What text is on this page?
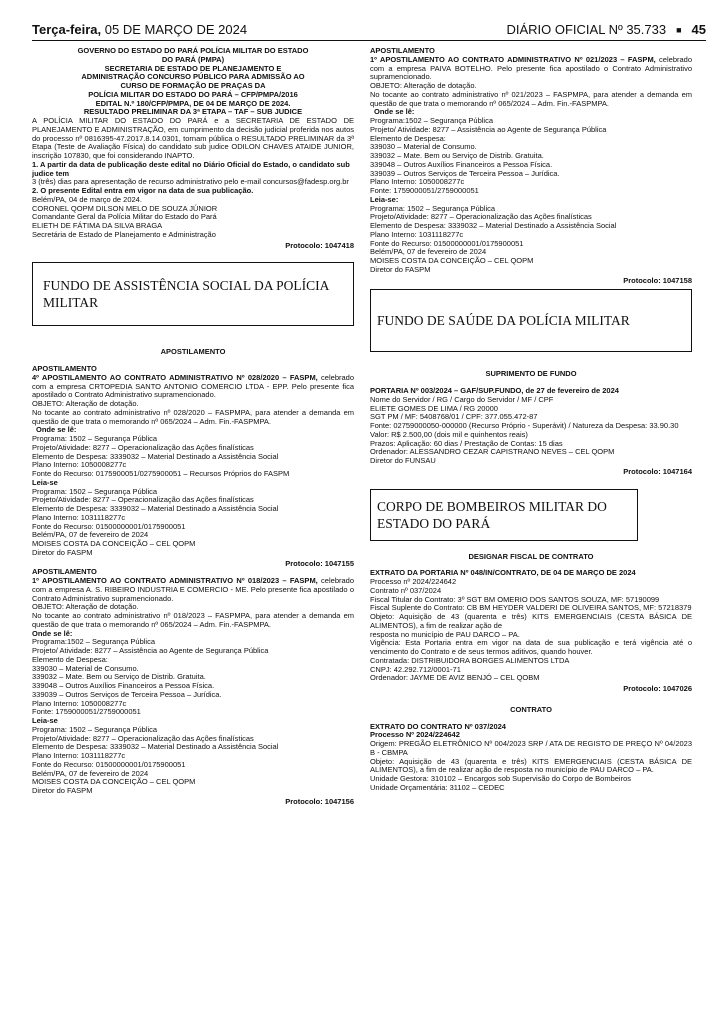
Terça-feira, 05 DE MARÇO DE 2024	DIÁRIO OFICIAL Nº 35.733 ■ 45

GOVERNO DO ESTADO DO PARÁ POLÍCIA MILITAR DO ESTADO

DO PARÁ (PMPA)

SECRETARIA DE ESTADO DE PLANEJAMENTO E

ADMINISTRAÇÃO CONCURSO PÚBLICO PARA ADMISSÃO AO

CURSO DE FORMAÇÃO DE PRAÇAS DA

POLÍCIA MILITAR DO ESTADO DO PARÁ – CFP/PMPA/2016

EDITAL N.º 180/CFP/PMPA, DE 04 DE MARÇO DE 2024.

RESULTADO PRELIMINAR DA 3ª ETAPA – TAF – SUB JUDICE

A POLÍCIA MILITAR DO ESTADO DO PARÁ e a SECRETARIA DE ESTADO DE PLANEJAMENTO E ADMINISTRAÇÃO, em cumprimento da decisão judicial proferida nos autos do processo nº 0816395-47.2017.8.14.0301, tornam pública o RESULTADO PRELIMINAR da 3ª Etapa (Teste de Avaliação Física) do candidato sub judice ODILON CHAVES ATAIDE JUNIOR, inscrição 107830, que foi considerando INAPTO.

1. A partir da data de publicação deste edital no Diário Oficial do Estado, o candidato sub judice tem

3 (três) dias para apresentação de recurso administrativo pelo e-mail concursos@fadesp.org.br

2. O presente Edital entra em vigor na data de sua publicação.

Belém/PA, 04 de março de 2024.

CORONEL QOPM DILSON MELO DE SOUZA JÚNIOR

Comandante Geral da Polícia Militar do Estado do Pará

ELIETH DE FÁTIMA DA SILVA BRAGA

Secretária de Estado de Planejamento e Administração

Protocolo: 1047418

FUNDO DE ASSISTÊNCIA SOCIAL DA POLÍCIA MILITAR

APOSTILAMENTO

APOSTILAMENTO

4º APOSTILAMENTO AO CONTRATO ADMINISTRATIVO Nº 028/2020 – FASPM, celebrado com a empresa CRTOPEDIA SANTO ANTONIO COMERCIO LTDA - EPP. Pelo presente fica apostilado o Contrato Administrativo supramencionado.

OBJETO: Alteração de dotação.

No tocante ao contrato administrativo nº 028/2020 – FASPMPA, para atender a demanda em questão de que trata o memorando nº 065/2024 – Adm. Fin.-FASPMPA.

Onde se lê:

Programa: 1502 – Segurança Pública

Projeto/Atividade: 8277 – Operacionalização das Ações finalísticas

Elemento de Despesa: 3339032 – Material Destinado a Assistência Social

Plano Interno: 1050008277c

Fonte do Recurso: 0175900051/0275900051 – Recursos Próprios do FASPM

Leia-se

Programa: 1502 – Segurança Pública

Projeto/Atividade: 8277 – Operacionalização das Ações finalísticas

Elemento de Despesa: 3339032 – Material Destinado a Assistência Social

Plano Interno: 1031118277c

Fonte do Recurso: 01500000001/0175900051

Belém/PA, 07 de fevereiro de 2024

MOISES COSTA DA CONCEIÇÃO – CEL QOPM

Diretor do FASPM

Protocolo: 1047155

APOSTILAMENTO

1º APOSTILAMENTO AO CONTRATO ADMINISTRATIVO Nº 018/2023 – FASPM, celebrado com a empresa A. S. RIBEIRO INDUSTRIA E COMERCIO - ME. Pelo presente fica apostilado o Contrato Administrativo supramencionado.

OBJETO: Alteração de dotação.

No tocante ao contrato administrativo nº 018/2023 – FASPMPA, para atender a demanda em questão de que trata o memorando nº 065/2024 – Adm. Fin.-FASPMPA.

Onde se lê:

Programa:1502 – Segurança Pública

Projeto/ Atividade: 8277 – Assistência ao Agente de Segurança Pública

Elemento de Despesa:

339030 – Material de Consumo.

339032 – Mate. Bem ou Serviço de Distrib. Gratuita.

339048 – Outros Auxílios Financeiros a Pessoa Física.

339039 – Outros Serviços de Terceira Pessoa – Jurídica.

Plano Interno: 1050008277c

Fonte: 1759000051/2759000051

Leia-se

Programa: 1502 – Segurança Pública

Projeto/Atividade: 8277 – Operacionalização das Ações finalísticas

Elemento de Despesa: 3339032 – Material Destinado a Assistência Social

Plano Interno: 1031118277c

Fonte do Recurso: 01500000001/0175900051

Belém/PA, 07 de fevereiro de 2024

MOISES COSTA DA CONCEIÇÃO – CEL QOPM

Diretor do FASPM

Protocolo: 1047156

APOSTILAMENTO

1º APOSTILAMENTO AO CONTRATO ADMINISTRATIVO Nº 021/2023 – FASPM, celebrado com a empresa PAIVA BOTELHO. Pelo presente fica apostilado o Contrato Administrativo supramencionado.

OBJETO: Alteração de dotação.

No tocante ao contrato administrativo nº 021/2023 – FASPMPA, para atender a demanda em questão de que trata o memorando nº 065/2024 – Adm. Fin.-FASPMPA.

Onde se lê:

Programa:1502 – Segurança Pública

Projeto/ Atividade: 8277 – Assistência ao Agente de Segurança Pública

Elemento de Despesa:

339030 – Material de Consumo.

339032 – Mate. Bem ou Serviço de Distrib. Gratuita.

339048 – Outros Auxílios Financeiros a Pessoa Física.

339039 – Outros Serviços de Terceira Pessoa – Jurídica.

Plano Interno: 1050008277c

Fonte: 1759000051/2759000051

Leia-se:

Programa: 1502 – Segurança Pública

Projeto/Atividade: 8277 – Operacionalização das Ações finalísticas

Elemento de Despesa: 3339032 – Material Destinado a Assistência Social

Plano Interno: 1031118277c

Fonte do Recurso: 01500000001/0175900051

Belém/PA, 07 de fevereiro de 2024

MOISES COSTA DA CONCEIÇÃO – CEL QOPM

Diretor do FASPM

Protocolo: 1047158

FUNDO DE SAÚDE DA POLÍCIA MILITAR

SUPRIMENTO DE FUNDO

PORTARIA Nº 003/2024 – GAF/SUP.FUNDO, de 27 de fevereiro de 2024

Nome do Servidor / RG / Cargo do Servidor / MF / CPF

ELIETE GOMES DE LIMA / RG 20000

SGT PM / MF: 5408768/01 / CPF: 377.055.472-87

Fonte: 02759000050-000000 (Recurso Próprio - Superávit) / Natureza da Despesa: 33.90.30

Valor: R$ 2.500,00 (dois mil e quinhentos reais)

Prazos: Aplicação: 60 dias / Prestação de Contas: 15 dias

Ordenador: ALESSANDRO CEZAR CAPISTRANO NEVES – CEL QOPM

Diretor do FUNSAU

Protocolo: 1047164

CORPO DE BOMBEIROS MILITAR DO ESTADO DO PARÁ

DESIGNAR FISCAL DE CONTRATO

EXTRATO DA PORTARIA Nº 048/IN/CONTRATO, DE 04 DE MARÇO DE 2024

Processo nº 2024/224642

Contrato nº 037/2024

Fiscal Titular do Contrato: 3º SGT BM OMERIO DOS SANTOS SOUZA, MF: 57190099

Fiscal Suplente do Contrato: CB BM HEYDER VALDERI DE OLIVEIRA SANTOS, MF: 57218379

Objeto: Aquisição de 43 (quarenta e três) KITS EMERGENCIAIS (CESTA BÁSICA DE ALIMENTOS), a fim de realizar ação de

resposta no município de PAU DARCO – PA.

Vigência: Esta Portaria entra em vigor na data de sua publicação e terá vigência até o vencimento do Contrato e de seus termos aditivos, quando houver.

Contratada: DISTRIBUIDORA BORGES ALIMENTOS LTDA

CNPJ: 42.292.712/0001-71

Ordenador: JAYME DE AVIZ BENJÓ – CEL QOBM

Protocolo: 1047026

CONTRATO

EXTRATO DO CONTRATO Nº 037/2024

Processo Nº 2024/224642

Origem: PREGÃO ELETRÔNICO Nº 004/2023 SRP / ATA DE REGISTO DE PREÇO Nº 04/2023 B - CBMPA

Objeto: Aquisição de 43 (quarenta e três) KITS EMERGENCIAIS (CESTA BÁSICA DE ALIMENTOS), a fim de realizar ação de resposta no município de PAU DARCO – PA.

Unidade Gestora: 310102 – Encargos sob Supervisão do Corpo de Bombeiros

Unidade Orçamentária: 31102 – CEDEC
